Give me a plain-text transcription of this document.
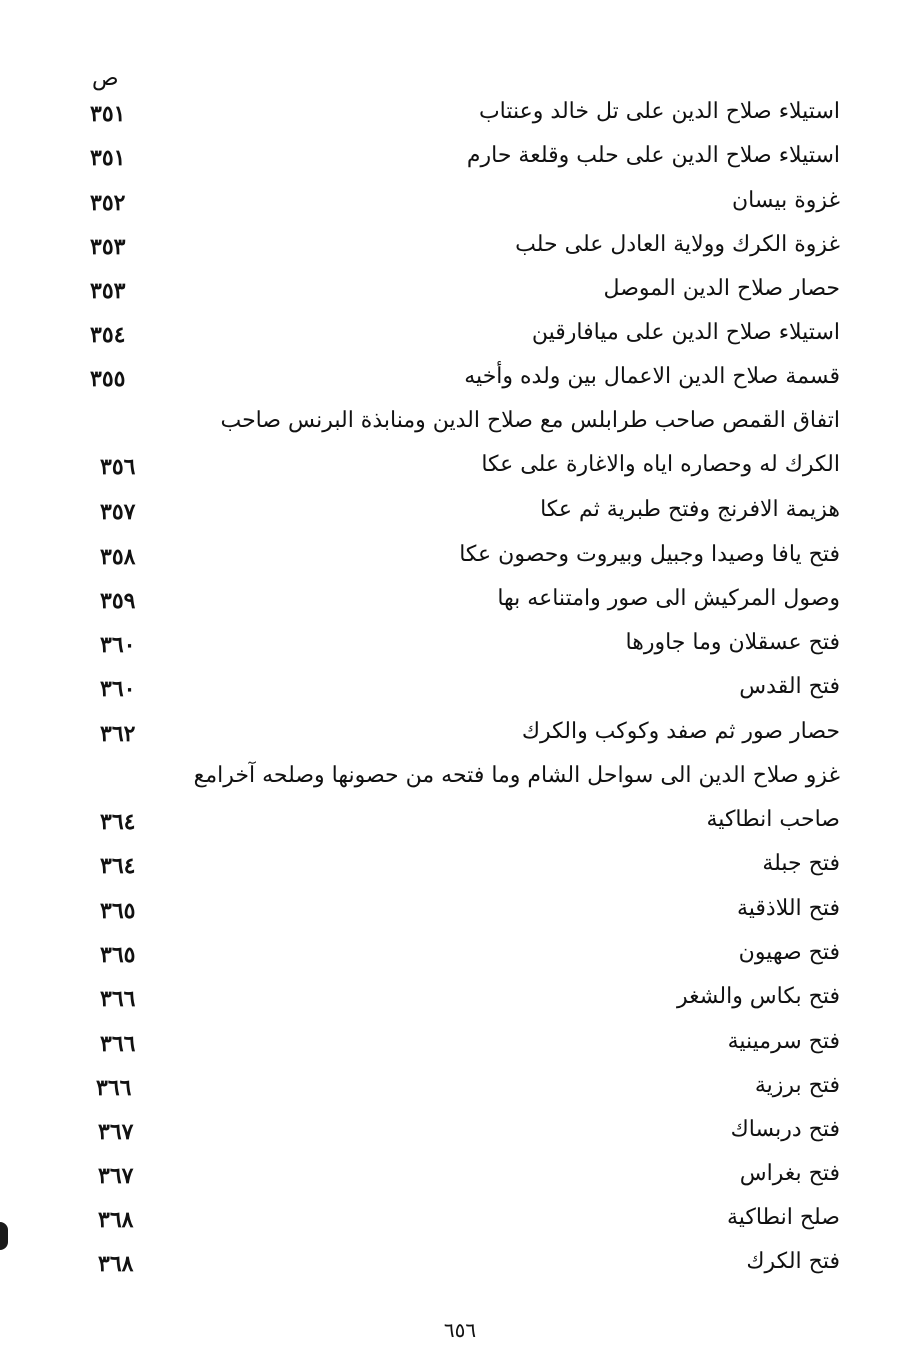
ص
استيلاء صلاح الدين على تل خالد وعنتاب
٣٥١
استيلاء صلاح الدين على حلب وقلعة حارم
٣٥١
غزوة بيسان
٣٥٢
غزوة الكرك وولاية العادل على حلب
٣٥٣
حصار صلاح الدين الموصل
٣٥٣
استيلاء صلاح الدين على ميافارقين
٣٥٤
قسمة صلاح الدين الاعمال بين ولده وأخيه
٣٥٥
اتفاق القمص صاحب طرابلس مع صلاح الدين ومنابذة البرنس صاحب
الكرك له وحصاره اياه والاغارة على عكا
٣٥٦
هزيمة الافرنج وفتح طبرية ثم عكا
٣٥٧
فتح يافا وصيدا وجبيل وبيروت وحصون عكا
٣٥٨
وصول المركيش الى صور وامتناعه بها
٣٥٩
فتح عسقلان وما جاورها
٣٦٠
فتح القدس
٣٦٠
حصار صور ثم صفد وكوكب والكرك
٣٦٢
غزو صلاح الدين الى سواحل الشام وما فتحه من حصونها وصلحه آخرامع
صاحب انطاكية
٣٦٤
فتح جبلة
٣٦٤
فتح اللاذقية
٣٦٥
فتح صهيون
٣٦٥
فتح بكاس والشغر
٣٦٦
فتح سرمينية
٣٦٦
فتح برزية
٣٦٦
فتح دربساك
٣٦٧
فتح بغراس
٣٦٧
صلح انطاكية
٣٦٨
فتح الكرك
٣٦٨
٦٥٦
